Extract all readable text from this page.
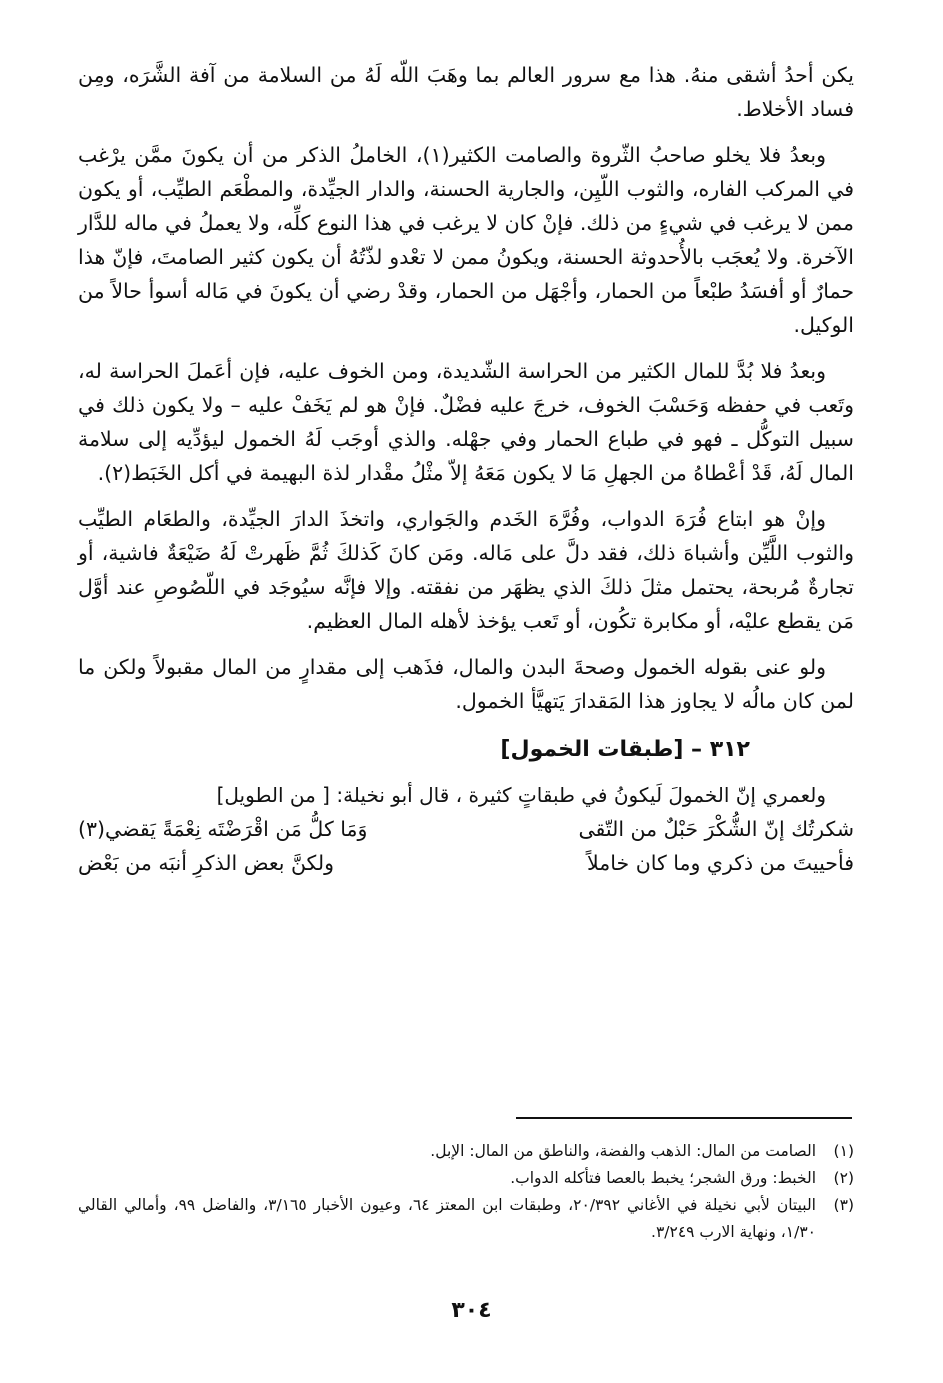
يكن أحدُ أشقى منهُ. هذا مع سرور العالم بما وهَبَ اللّه لَهُ من السلامة من آفة الشَّرَه، ومِن فساد الأخلاط.

وبعدُ فلا يخلو صاحبُ الثّروة والصامت الكثير(١)، الخاملُ الذكر من أن يكونَ ممَّن يرْغب في المركب الفاره، والثوب اللّيِن، والجارية الحسنة، والدار الجيِّدة، والمطْعَم الطيِّب، أو يكون ممن لا يرغب في شيءٍ من ذلك. فإنْ كان لا يرغب في هذا النوع كلِّه، ولا يعملُ في ماله للدَّار الآخرة. ولا يُعجَب بالأُحدوثة الحسنة، ويكونُ ممن لا تعْدو لذّتُهُ أن يكون كثير الصامتَ، فإنّ هذا حمارٌ أو أفسَدُ طبْعاً من الحمار، وأجْهَل من الحمار، وقدْ رضي أن يكونَ في مَاله أسوأ حالاً من الوكيل.

وبعدُ فلا بُدَّ للمال الكثير من الحراسة الشّديدة، ومن الخوف عليه، فإن أعَملَ الحراسة له، وتَعب في حفظه وَحَسْبَ الخوف، خرجَ عليه فضْلٌ. فإنْ هو لم يَخَفْ عليه – ولا يكون ذلك في سبيل التوكُّل ـ فهو في طباع الحمار وفي جهْله. والذي أوجَب لَهُ الخمول ليؤدِّيه إلى سلامة المال لَهُ، قَدْ أعْطاهُ من الجهلِ مَا لا يكون مَعَهُ إلاّ مثْلُ مقْدار لذة البهيمة في أكل الخَبَط(٢).

وإنْ هو ابتاع فُرَهَ الدواب، وفُرَّهَ الخَدم والجَواري، واتخذَ الدارَ الجيِّدة، والطعَام الطيِّب والثوب اللَّيِّن وأشباهَ ذلك، فقد دلَّ على مَاله. ومَن كانَ كَذلكَ ثُمَّ ظَهرتْ لَهُ ضَيْعَةٌ فاشية، أو تجارةٌ مُربحة، يحتمل مثلَ ذلكَ الذي يظهَر من نفقته. وإلا فإنَّه سيُوجَد في اللّصُوصِ عند أوَّل مَن يقطع عليْه، أو مكابرة تكُون، أو تَعب يؤخذ لأهله المال العظيم.

ولو عنى بقوله الخمول وصحةَ البدن والمال، فذَهب إلى مقدارٍ من المال مقبولاً ولكن ما لمن كان مالُه لا يجاوز هذا المَقدارَ يَتهيَّأ الخمول.

٣١٢ – [طبقات الخمول]

ولعمري إنّ الخمولَ لَيكونُ في طبقاتٍ كثيرة ، قال أبو نخيلة: [ من الطويل]

شكرتُك إنّ الشُّكْرَ حَبْلٌ من التّقى
وَمَا كلُّ مَن اقْرَضْتَه نِعْمَةً يَقضي(٣)
فأحييتَ من ذكري وما كان خاملاً
ولكنَّ بعض الذكرِ أنبَه من بَعْض
(١)
الصامت من المال: الذهب والفضة، والناطق من المال: الإبل.
(٢)
الخبط: ورق الشجر؛ يخبط بالعصا فتأكله الدواب.
(٣)
البيتان لأبي نخيلة في الأغاني ٢٠/٣٩٢، وطبقات ابن المعتز ٦٤، وعيون الأخبار ٣/١٦٥، والفاضل ٩٩، وأمالي القالي ١/٣٠، ونهاية الارب ٣/٢٤٩.
٣٠٤
